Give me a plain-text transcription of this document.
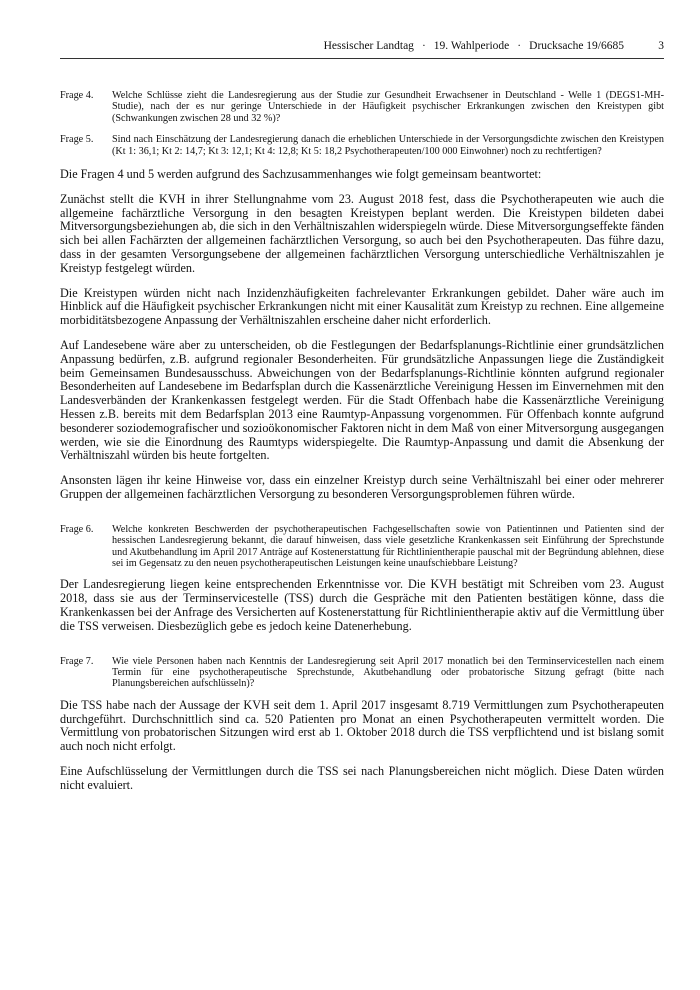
Hessischer Landtag · 19. Wahlperiode · Drucksache 19/6685	3
Frage 4.	Welche Schlüsse zieht die Landesregierung aus der Studie zur Gesundheit Erwachsener in Deutschland - Welle 1 (DEGS1-MH-Studie), nach der es nur geringe Unterschiede in der Häufigkeit psychischer Erkrankungen zwischen den Kreistypen gibt (Schwankungen zwischen 28 und 32 %)?
Frage 5.	Sind nach Einschätzung der Landesregierung danach die erheblichen Unterschiede in der Versorgungsdichte zwischen den Kreistypen (Kt 1: 36,1; Kt 2: 14,7; Kt 3: 12,1; Kt 4: 12,8; Kt 5: 18,2 Psychotherapeuten/100 000 Einwohner) noch zu rechtfertigen?

Die Fragen 4 und 5 werden aufgrund des Sachzusammenhanges wie folgt gemeinsam beantwortet:

Zunächst stellt die KVH in ihrer Stellungnahme vom 23. August 2018 fest, dass die Psychotherapeuten wie auch die allgemeine fachärztliche Versorgung in den besagten Kreistypen beplant werden. Die Kreistypen bildeten dabei Mitversorgungsbeziehungen ab, die sich in den Verhältniszahlen widerspiegeln würde. Diese Mitversorgungseffekte fänden sich bei allen Fachärzten der allgemeinen fachärztlichen Versorgung, so auch bei den Psychotherapeuten. Das führe dazu, dass in der gesamten Versorgungsebene der allgemeinen fachärztlichen Versorgung unterschiedliche Verhältniszahlen je Kreistyp festgelegt würden.

Die Kreistypen würden nicht nach Inzidenzhäufigkeiten fachrelevanter Erkrankungen gebildet. Daher wäre auch im Hinblick auf die Häufigkeit psychischer Erkrankungen nicht mit einer Kausalität zum Kreistyp zu rechnen. Eine allgemeine morbiditätsbezogene Anpassung der Verhältniszahlen erscheine daher nicht erforderlich.

Auf Landesebene wäre aber zu unterscheiden, ob die Festlegungen der Bedarfsplanungs-Richtlinie einer grundsätzlichen Anpassung bedürfen, z.B. aufgrund regionaler Besonderheiten. Für grundsätzliche Anpassungen liege die Zuständigkeit beim Gemeinsamen Bundesausschuss. Abweichungen von der Bedarfsplanungs-Richtlinie könnten aufgrund regionaler Besonderheiten auf Landesebene im Bedarfsplan durch die Kassenärztliche Vereinigung Hessen im Einvernehmen mit den Landesverbänden der Krankenkassen festgelegt werden. Für die Stadt Offenbach habe die Kassenärztliche Vereinigung Hessen z.B. bereits mit dem Bedarfsplan 2013 eine Raumtyp-Anpassung vorgenommen. Für Offenbach konnte aufgrund besonderer soziodemografischer und sozioökonomischer Faktoren nicht in dem Maß von einer Mitversorgung ausgegangen werden, wie sie die Einordnung des Raumtyps widerspiegelte. Die Raumtyp-Anpassung und damit die Absenkung der Verhältniszahl würden bis heute fortgelten.

Ansonsten lägen ihr keine Hinweise vor, dass ein einzelner Kreistyp durch seine Verhältniszahl bei einer oder mehrerer Gruppen der allgemeinen fachärztlichen Versorgung zu besonderen Versorgungsproblemen führen würde.

Frage 6.	Welche konkreten Beschwerden der psychotherapeutischen Fachgesellschaften sowie von Patientinnen und Patienten sind der hessischen Landesregierung bekannt, die darauf hinweisen, dass viele gesetzliche Krankenkassen seit Einführung der Sprechstunde und Akutbehandlung im April 2017 Anträge auf Kostenerstattung für Richtlinientherapie pauschal mit der Begründung ablehnen, diese sei im Gegensatz zu den neuen psychotherapeutischen Leistungen keine unaufschiebbare Leistung?

Der Landesregierung liegen keine entsprechenden Erkenntnisse vor. Die KVH bestätigt mit Schreiben vom 23. August 2018, dass sie aus der Terminservicestelle (TSS) durch die Gespräche mit den Patienten bestätigen könne, dass die Krankenkassen bei der Anfrage des Versicherten auf Kostenerstattung für Richtlinientherapie aktiv auf die Vermittlung über die TSS verweisen. Diesbezüglich gebe es jedoch keine Datenerhebung.

Frage 7.	Wie viele Personen haben nach Kenntnis der Landesregierung seit April 2017 monatlich bei den Terminservicestellen nach einem Termin für eine psychotherapeutische Sprechstunde, Akutbehandlung oder probatorische Sitzung gefragt (bitte nach Planungsbereichen aufschlüsseln)?

Die TSS habe nach der Aussage der KVH seit dem 1. April 2017 insgesamt 8.719 Vermittlungen zum Psychotherapeuten durchgeführt. Durchschnittlich sind ca. 520 Patienten pro Monat an einen Psychotherapeuten vermittelt worden. Die Vermittlung von probatorischen Sitzungen wird erst ab 1. Oktober 2018 durch die TSS verpflichtend und ist bislang somit auch noch nicht erfolgt.

Eine Aufschlüsselung der Vermittlungen durch die TSS sei nach Planungsbereichen nicht möglich. Diese Daten würden nicht evaluiert.
